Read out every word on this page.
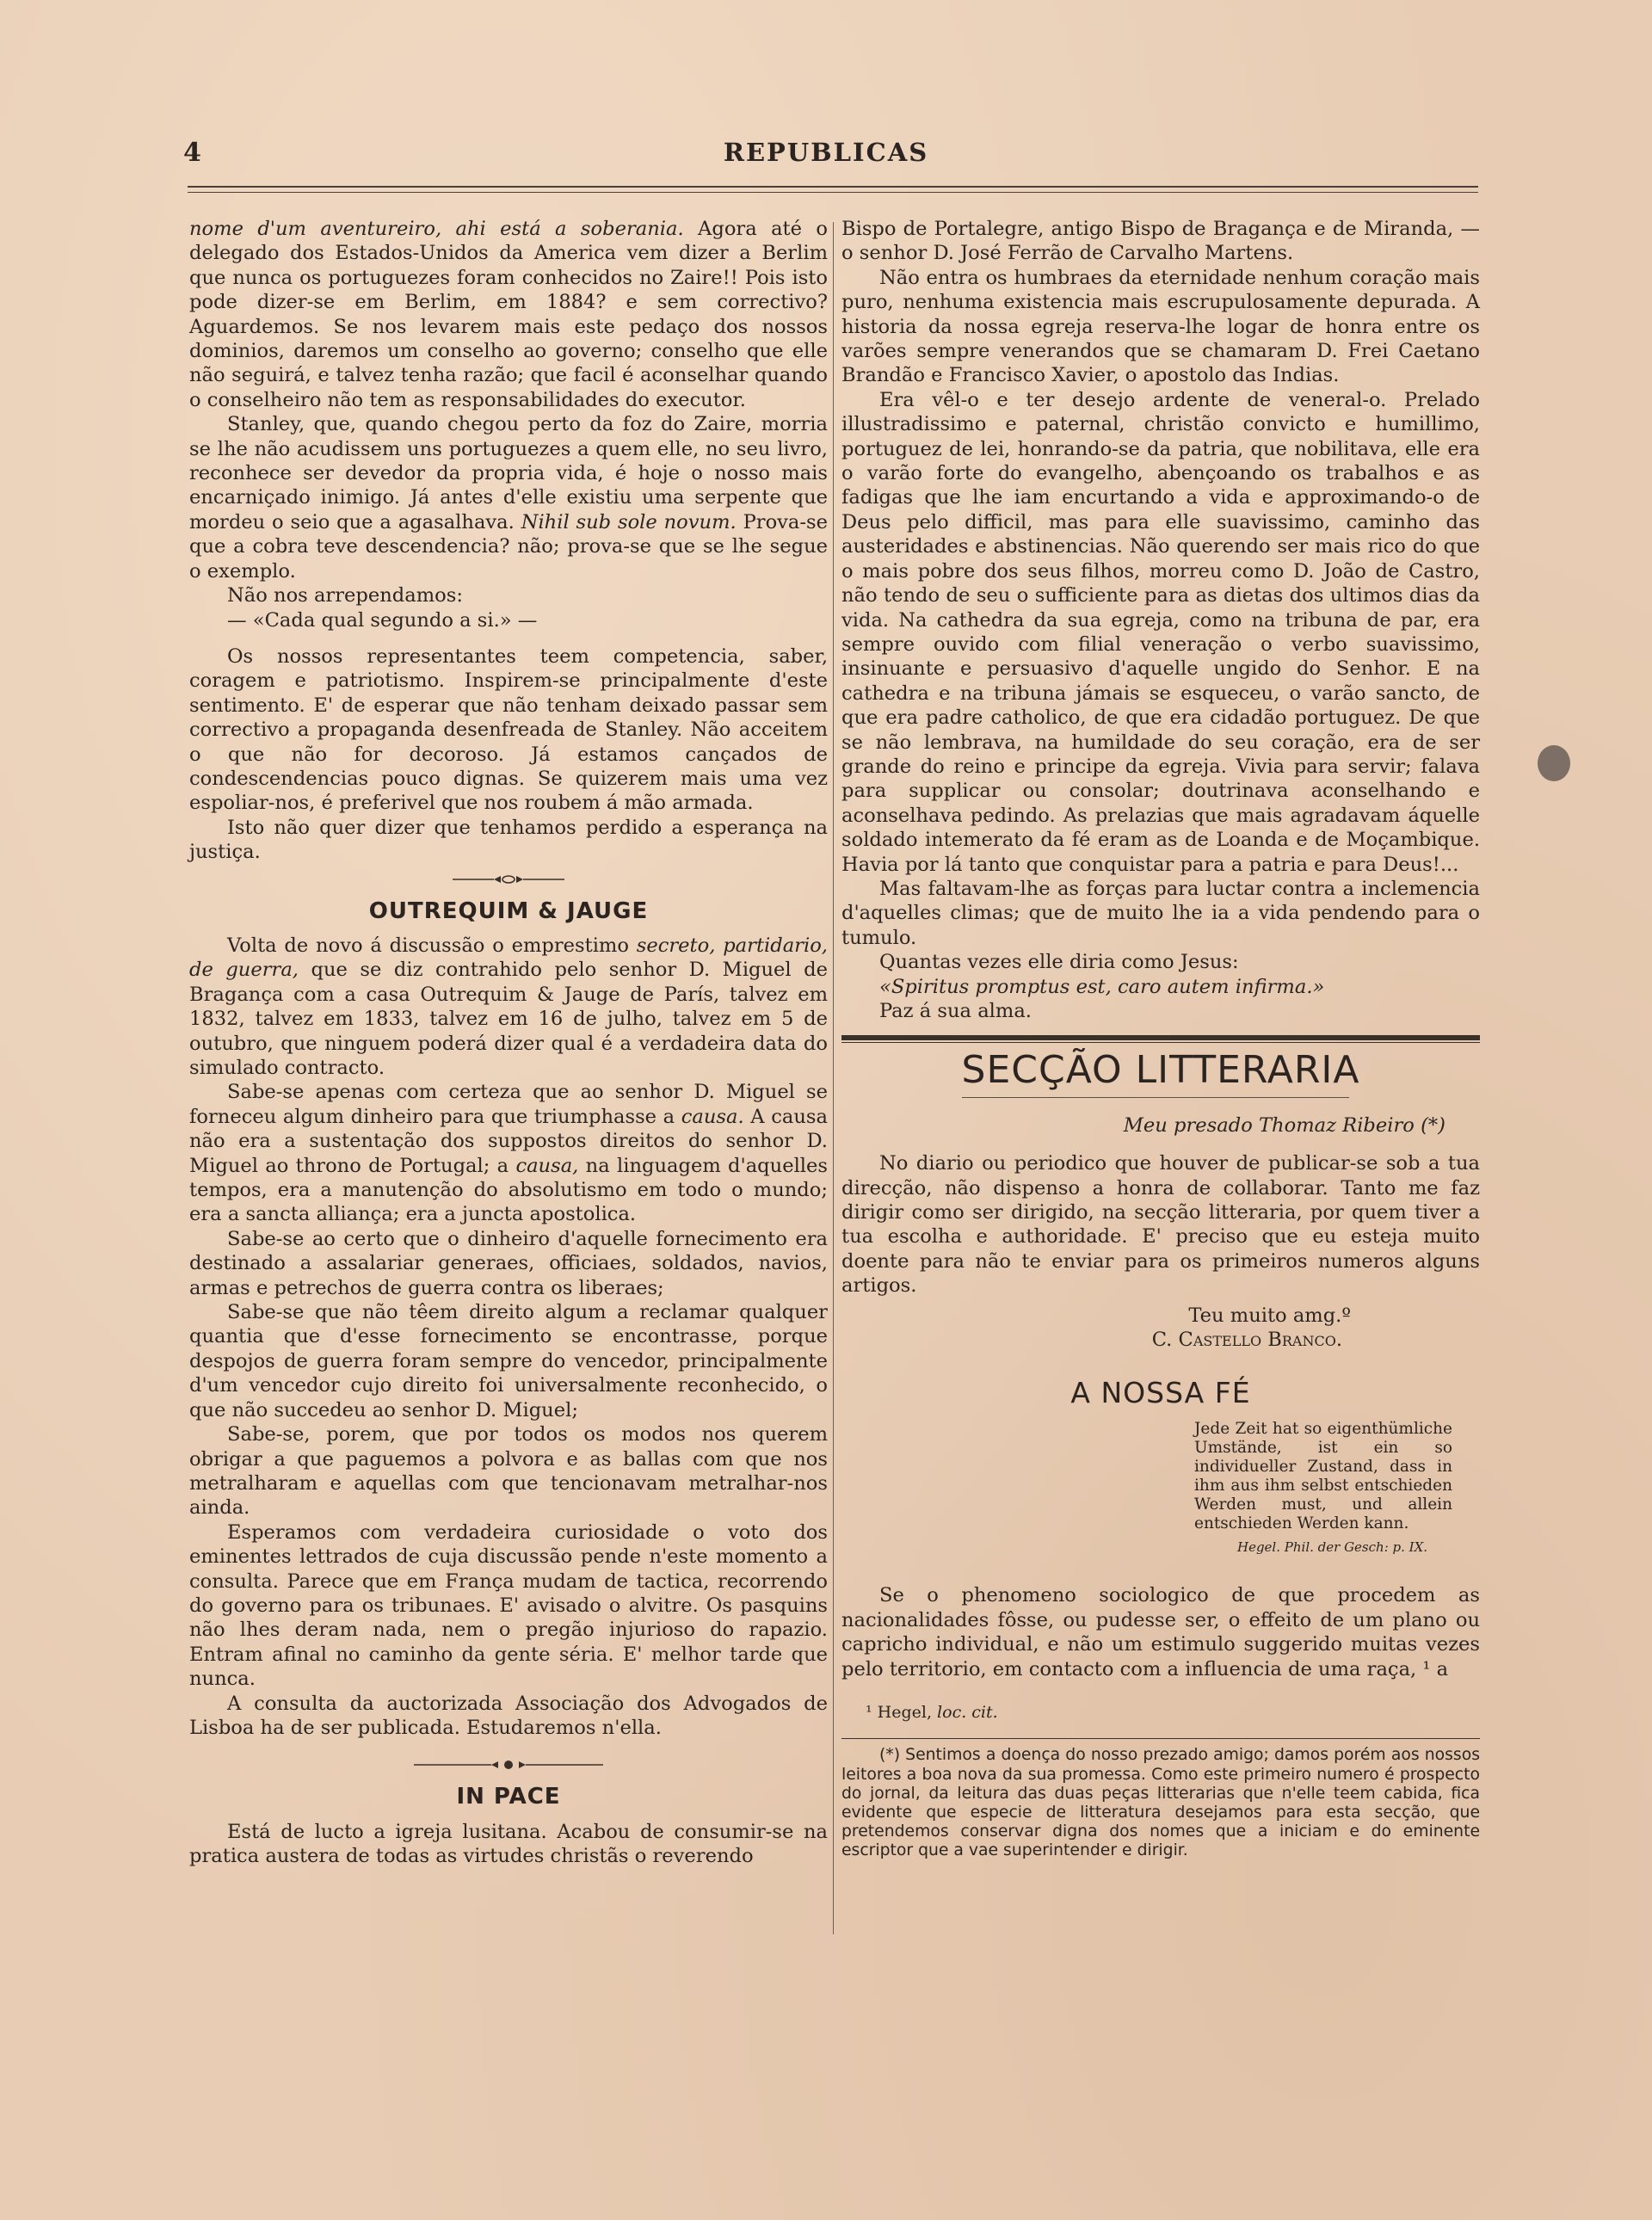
4	REPUBLICAS

nome d'um aventureiro, ahi está a soberania. Agora até o delegado dos Estados-Unidos da America vem dizer a Berlim que nunca os portuguezes foram conhecidos no Zaire!! Pois isto pode dizer-se em Berlim, em 1884? e sem correctivo? Aguardemos. Se nos levarem mais este pedaço dos nossos dominios, daremos um conselho ao governo; conselho que elle não seguirá, e talvez tenha razão; que facil é aconselhar quando o conselheiro não tem as responsabilidades do executor.

Stanley, que, quando chegou perto da foz do Zaire, morria se lhe não acudissem uns portuguezes a quem elle, no seu livro, reconhece ser devedor da propria vida, é hoje o nosso mais encarniçado inimigo. Já antes d'elle existiu uma serpente que mordeu o seio que a agasalhava. Nihil sub sole novum. Prova-se que a cobra teve descendencia? não; prova-se que se lhe segue o exemplo.

Não nos arrependamos:

— «Cada qual segundo a si.» —

Os nossos representantes teem competencia, saber, coragem e patriotismo. Inspirem-se principalmente d'este sentimento. E' de esperar que não tenham deixado passar sem correctivo a propaganda desenfreada de Stanley. Não acceitem o que não for decoroso. Já estamos cançados de condescendencias pouco dignas. Se quizerem mais uma vez espoliar-nos, é preferivel que nos roubem á mão armada.

Isto não quer dizer que tenhamos perdido a esperança na justiça.

OUTREQUIM & JAUGE

Volta de novo á discussão o emprestimo secreto, partidario, de guerra, que se diz contrahido pelo senhor D. Miguel de Bragança com a casa Outrequim & Jauge de París, talvez em 1832, talvez em 1833, talvez em 16 de julho, talvez em 5 de outubro, que ninguem poderá dizer qual é a verdadeira data do simulado contracto.

Sabe-se apenas com certeza que ao senhor D. Miguel se forneceu algum dinheiro para que triumphasse a causa. A causa não era a sustentação dos suppostos direitos do senhor D. Miguel ao throno de Portugal; a causa, na linguagem d'aquelles tempos, era a manutenção do absolutismo em todo o mundo; era a sancta alliança; era a juncta apostolica.

Sabe-se ao certo que o dinheiro d'aquelle fornecimento era destinado a assalariar generaes, officiaes, soldados, navios, armas e petrechos de guerra contra os liberaes;

Sabe-se que não têem direito algum a reclamar qualquer quantia que d'esse fornecimento se encontrasse, porque despojos de guerra foram sempre do vencedor, principalmente d'um vencedor cujo direito foi universalmente reconhecido, o que não succedeu ao senhor D. Miguel;

Sabe-se, porem, que por todos os modos nos querem obrigar a que paguemos a polvora e as ballas com que nos metralharam e aquellas com que tencionavam metralhar-nos ainda.

Esperamos com verdadeira curiosidade o voto dos eminentes lettrados de cuja discussão pende n'este momento a consulta. Parece que em França mudam de tactica, recorrendo do governo para os tribunaes. E' avisado o alvitre. Os pasquins não lhes deram nada, nem o pregão injurioso do rapazio. Entram afinal no caminho da gente séria. E' melhor tarde que nunca.

A consulta da auctorizada Associação dos Advogados de Lisboa ha de ser publicada. Estudaremos n'ella.

IN PACE

Está de lucto a igreja lusitana. Acabou de consumir-se na pratica austera de todas as virtudes christãs o reverendo

Bispo de Portalegre, antigo Bispo de Bragança e de Miranda, — o senhor D. José Ferrão de Carvalho Martens.

Não entra os humbraes da eternidade nenhum coração mais puro, nenhuma existencia mais escrupulosamente depurada. A historia da nossa egreja reserva-lhe logar de honra entre os varões sempre venerandos que se chamaram D. Frei Caetano Brandão e Francisco Xavier, o apostolo das Indias.

Era vêl-o e ter desejo ardente de veneral-o. Prelado illustradissimo e paternal, christão convicto e humillimo, portuguez de lei, honrando-se da patria, que nobilitava, elle era o varão forte do evangelho, abençoando os trabalhos e as fadigas que lhe iam encurtando a vida e approximando-o de Deus pelo difficil, mas para elle suavissimo, caminho das austeridades e abstinencias. Não querendo ser mais rico do que o mais pobre dos seus filhos, morreu como D. João de Castro, não tendo de seu o sufficiente para as dietas dos ultimos dias da vida. Na cathedra da sua egreja, como na tribuna de par, era sempre ouvido com filial veneração o verbo suavissimo, insinuante e persuasivo d'aquelle ungido do Senhor. E na cathedra e na tribuna jámais se esqueceu, o varão sancto, de que era padre catholico, de que era cidadão portuguez. De que se não lembrava, na humildade do seu coração, era de ser grande do reino e principe da egreja. Vivia para servir; falava para supplicar ou consolar; doutrinava aconselhando e aconselhava pedindo. As prelazias que mais agradavam áquelle soldado intemerato da fé eram as de Loanda e de Moçambique. Havia por lá tanto que conquistar para a patria e para Deus!...

Mas faltavam-lhe as forças para luctar contra a inclemencia d'aquelles climas; que de muito lhe ia a vida pendendo para o tumulo.

Quantas vezes elle diria como Jesus:

«Spiritus promptus est, caro autem infirma.»

Paz á sua alma.

SECÇÃO LITTERARIA
Meu presado Thomaz Ribeiro (*)

No diario ou periodico que houver de publicar-se sob a tua direcção, não dispenso a honra de collaborar. Tanto me faz dirigir como ser dirigido, na secção litteraria, por quem tiver a tua escolha e authoridade. E' preciso que eu esteja muito doente para não te enviar para os primeiros numeros alguns artigos.

Teu muito amg.º
C. Castello Branco.
A NOSSA FÉ
Jede Zeit hat so eigenthümliche Umstände, ist ein so individueller Zustand, dass in ihm aus ihm selbst entschieden Werden must, und allein entschieden Werden kann.
Hegel. Phil. der Gesch: p. IX.

Se o phenomeno sociologico de que procedem as nacionalidades fôsse, ou pudesse ser, o effeito de um plano ou capricho individual, e não um estimulo suggerido muitas vezes pelo territorio, em contacto com a influencia de uma raça, ¹ a

¹ Hegel, loc. cit.

(*) Sentimos a doença do nosso prezado amigo; damos porém aos nossos leitores a boa nova da sua promessa. Como este primeiro numero é prospecto do jornal, da leitura das duas peças litterarias que n'elle teem cabida, fica evidente que especie de litteratura desejamos para esta secção, que pretendemos conservar digna dos nomes que a iniciam e do eminente escriptor que a vae superintender e dirigir.
